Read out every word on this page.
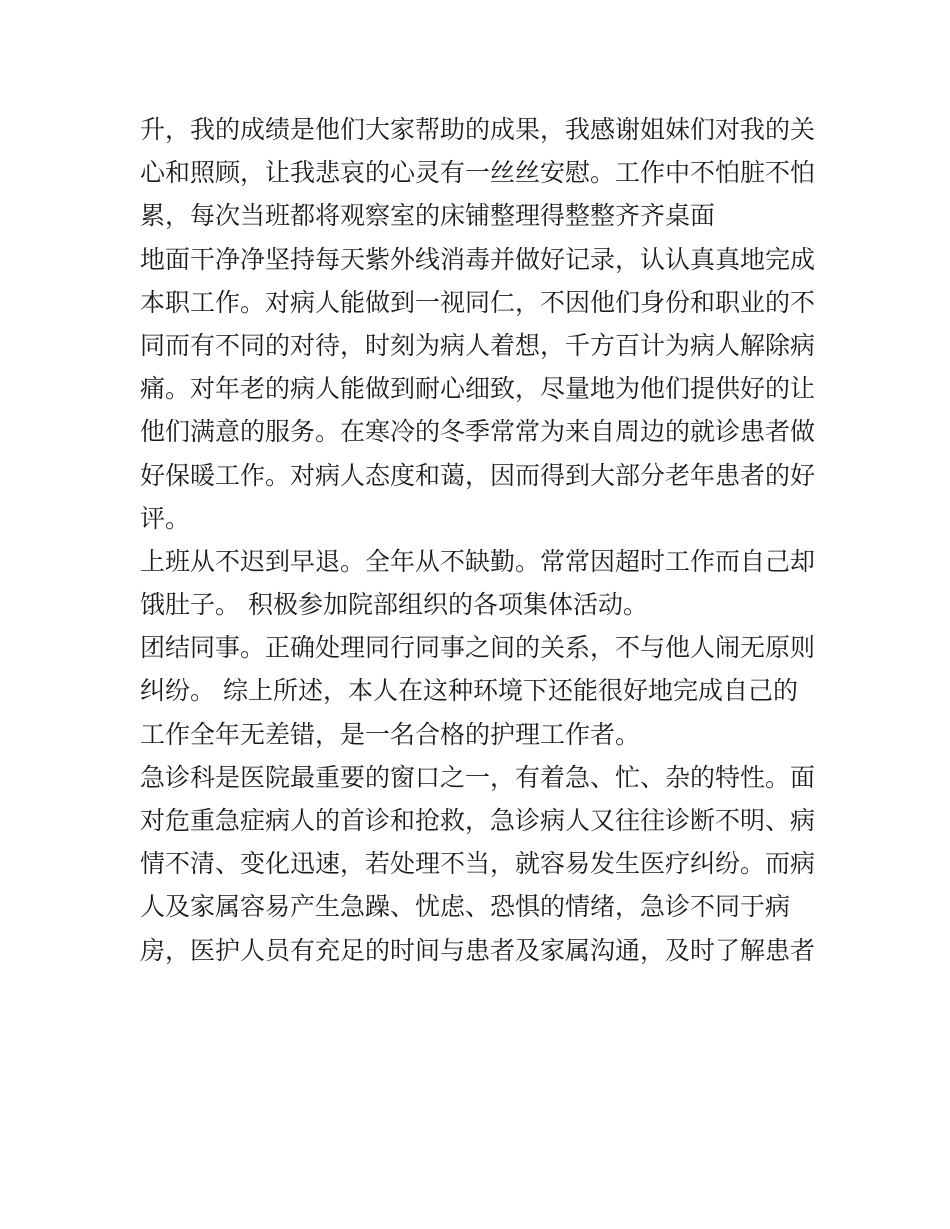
升，我的成绩是他们大家帮助的成果，我感谢姐妹们对我的关
心和照顾，让我悲哀的心灵有一丝丝安慰。工作中不怕脏不怕
累，每次当班都将观察室的床铺整理得整整齐齐桌面
地面干净净坚持每天紫外线消毒并做好记录，认认真真地完成
本职工作。对病人能做到一视同仁，不因他们身份和职业的不
同而有不同的对待，时刻为病人着想，千方百计为病人解除病
痛。对年老的病人能做到耐心细致，尽量地为他们提供好的让
他们满意的服务。在寒冷的冬季常常为来自周边的就诊患者做
好保暖工作。对病人态度和蔼，因而得到大部分老年患者的好
评。
上班从不迟到早退。全年从不缺勤。常常因超时工作而自己却
饿肚子。 积极参加院部组织的各项集体活动。
团结同事。正确处理同行同事之间的关系，不与他人闹无原则
纠纷。 综上所述，本人在这种环境下还能很好地完成自己的
工作全年无差错，是一名合格的护理工作者。
急诊科是医院最重要的窗口之一，有着急、忙、杂的特性。面
对危重急症病人的首诊和抢救，急诊病人又往往诊断不明、病
情不清、变化迅速，若处理不当，就容易发生医疗纠纷。而病
人及家属容易产生急躁、忧虑、恐惧的情绪，急诊不同于病
房，医护人员有充足的时间与患者及家属沟通，及时了解患者
